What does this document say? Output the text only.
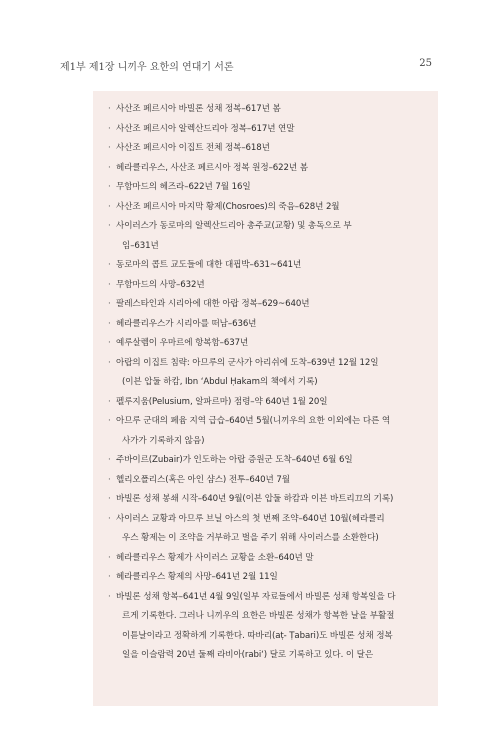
제1부 제1장 니끼우 요한의 연대기 서론	25
· 사산조 페르시아 바빌론 성채 정복–617년 봄
· 사산조 페르시아 알렉산드리아 정복–617년 연말
· 사산조 페르시아 이집트 전체 정복–618년
· 헤라클리우스, 사산조 페르시아 정복 원정–622년 봄
· 무함마드의 헤즈라–622년 7월 16일
· 사산조 페르시아 마지막 황제(Chosroes)의 죽음–628년 2월
· 사이러스가 동로마의 알렉산드리아 총주교(교황) 및 총독으로 부
임–631년
· 동로마의 콥트 교도들에 대한 대핍박–631~641년
· 무함마드의 사망–632년
· 팔레스타인과 시리아에 대한 아랍 정복–629~640년
· 헤라클리우스가 시리아를 떠남–636년
· 예루살렘이 우마르에 항복함–637년
· 아랍의 이집트 침략: 아므루의 군사가 아리쉬에 도착–639년 12월 12일
(이븐 압둘 하캄, Ibn ‘Abdul Ḥakam의 책에서 기록)
· 펠루지움(Pelusium, 알파르마) 점령–약 640년 1월 20일
· 아므루 군대의 페윰 지역 급습–640년 5월(니끼우의 요한 이외에는 다른 역
사가가 기록하지 않음)
· 주바이르(Zubair)가 인도하는 아랍 증원군 도착–640년 6월 6일
· 헬리오폴리스(혹은 아인 샴스) 전투–640년 7월
· 바빌론 성채 봉쇄 시작–640년 9월(이븐 압둘 하캄과 이븐 바트리끄의 기록)
· 사이러스 교황과 아므루 브닐 아스의 첫 번째 조약–640년 10월(헤라클리
우스 황제는 이 조약을 거부하고 벌을 주기 위해 사이러스를 소환한다)
· 헤라클리우스 황제가 사이러스 교황을 소환–640년 말
· 헤라클리우스 황제의 사망–641년 2월 11일
· 바빌론 성채 항복–641년 4월 9일(일부 자료들에서 바빌론 성채 항복일을 다
르게 기록한다. 그러나 니끼우의 요한은 바빌론 성채가 항복한 날을 부활절
이튿날이라고 정확하게 기록한다. 따바리(aṭ- Ṭabari)도 바빌론 성채 정복
일을 이슬람력 20년 둘째 라비아(rabi‘) 달로 기록하고 있다. 이 달은
